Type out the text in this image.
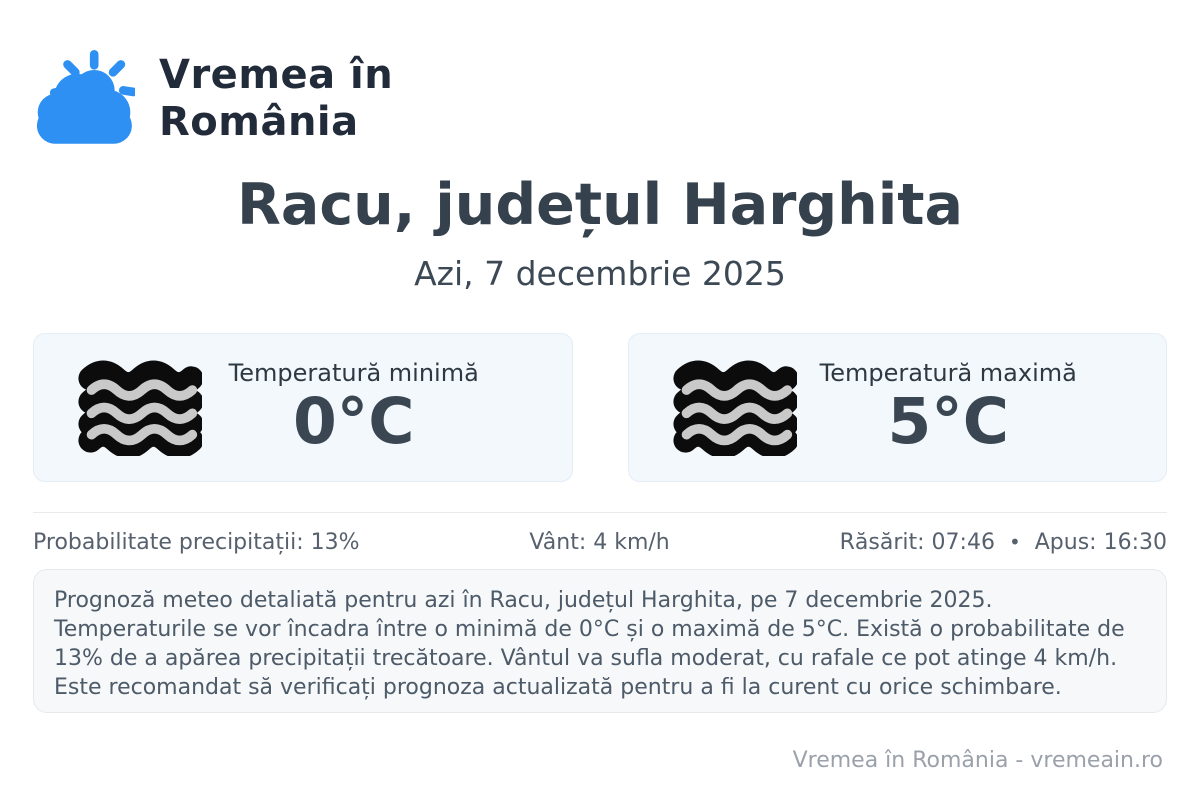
Vremea în
România
Racu, județul Harghita
Azi, 7 decembrie 2025
Temperatură minimă
0°C
Temperatură maximă
5°C
Probabilitate precipitații: 13%	Vânt: 4 km/h	Răsărit: 07:46 • Apus: 16:30

Prognoză meteo detaliată pentru azi în Racu, județul Harghita, pe 7 decembrie 2025. Temperaturile se vor încadra între o minimă de 0°C și o maximă de 5°C. Există o probabilitate de 13% de a apărea precipitații trecătoare. Vântul va sufla moderat, cu rafale ce pot atinge 4 km/h. Este recomandat să verificați prognoza actualizată pentru a fi la curent cu orice schimbare.

Vremea în România - vremeain.ro
